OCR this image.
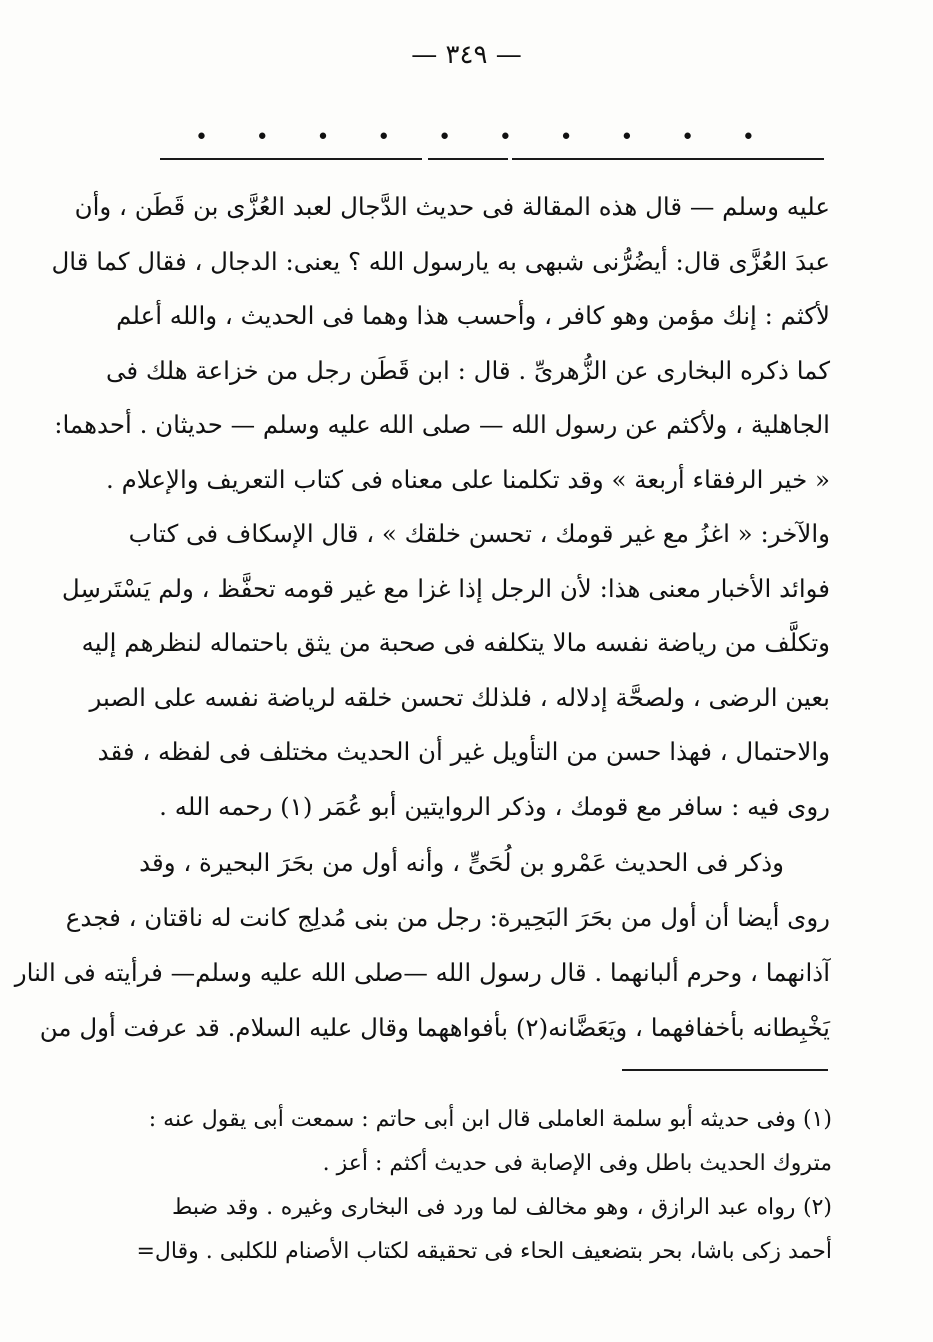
— ٣٤٩ —
• • • • • • • • • •
عليه وسلم — قال هذه المقالة فى حديث الدَّجال لعبد العُزَّى بن قَطَن ، وأن
عبدَ العُزَّى قال: أيضُرُّنى شبهى به يارسول الله ؟ يعنى: الدجال ، فقال كما قال
لأكثم : إنك مؤمن وهو كافر ، وأحسب هذا وهما فى الحديث ، والله أعلم
كما ذكره البخارى عن الزُّهرىِّ . قال : ابن قَطَن رجل من خزاعة هلك فى
الجاهلية ، ولأكثم عن رسول الله — صلى الله عليه وسلم — حديثان . أحدهما:
« خير الرفقاء أربعة » وقد تكلمنا على معناه فى كتاب التعريف والإعلام .
والآخر: « اغزُ مع غير قومك ، تحسن خلقك » ، قال الإسكاف فى كتاب
فوائد الأخبار معنى هذا: لأن الرجل إذا غزا مع غير قومه تحفَّظ ، ولم يَسْتَرسِل
وتكلَّف من رياضة نفسه مالا يتكلفه فى صحبة من يثق باحتماله لنظرهم إليه
بعين الرضى ، ولصحَّة إدلاله ، فلذلك تحسن خلقه لرياضة نفسه على الصبر
والاحتمال ، فهذا حسن من التأويل غير أن الحديث مختلف فى لفظه ، فقد
روى فيه : سافر مع قومك ، وذكر الروايتين أبو عُمَر (١) رحمه الله .
وذكر فى الحديث عَمْرو بن لُحَىٍّ ، وأنه أول من بحَرَ البحيرة ، وقد
روى أيضا أن أول من بحَرَ البَحِيرة: رجل من بنى مُدلِج كانت له ناقتان ، فجدع
آذانهما ، وحرم ألبانهما . قال رسول الله —صلى الله عليه وسلم— فرأيته فى النار
يَخْبِطانه بأخفافهما ، ويَعَضَّانه(٢) بأفواههما وقال عليه السلام. قد عرفت أول من
(١) وفى حديثه أبو سلمة العاملى قال ابن أبى حاتم : سمعت أبى يقول عنه :
متروك الحديث باطل وفى الإصابة فى حديث أكثم : أعز .
(٢) رواه عبد الرازق ، وهو مخالف لما ورد فى البخارى وغيره . وقد ضبط
أحمد زكى باشا، بحر بتضعيف الحاء فى تحقيقه لكتاب الأصنام للكلبى . وقال=
